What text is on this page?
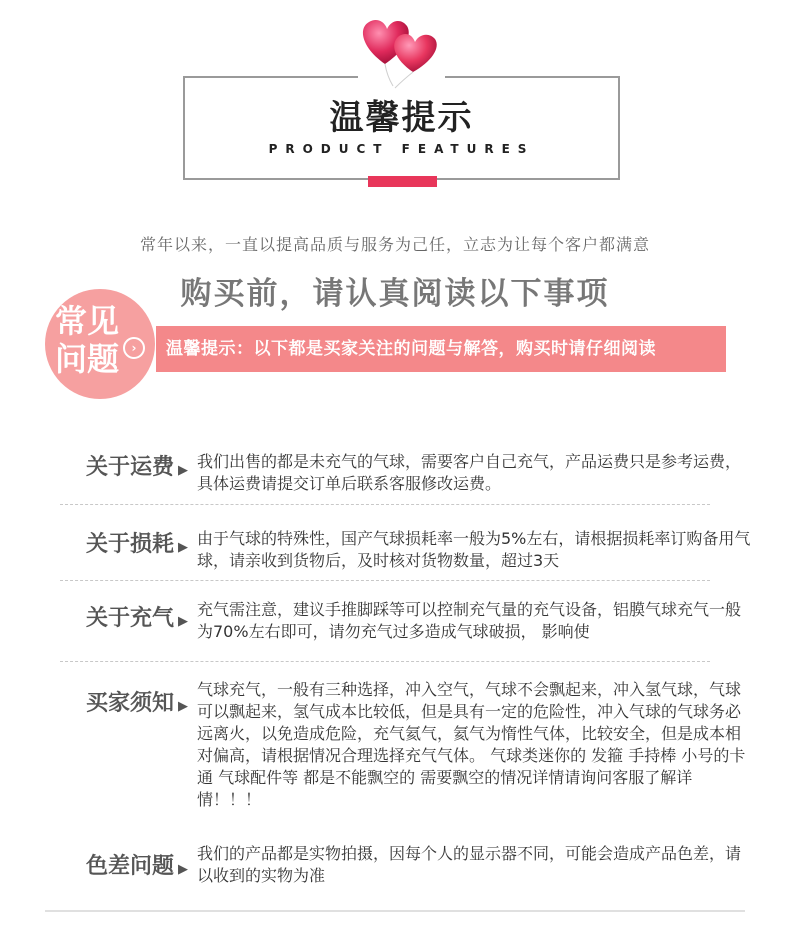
温馨提示
PRODUCT FEATURES
常年以来，一直以提高品质与服务为己任，立志为让每个客户都满意
购买前，请认真阅读以下事项
常见
问题	›	温馨提示：以下都是买家关注的问题与解答，购买时请仔细阅读
关于运费 ▶ 我们出售的都是未充气的气球，需要客户自己充气，产品运费只是参考运费，具体运费请提交订单后联系客服修改运费。
关于损耗 ▶ 由于气球的特殊性，国产气球损耗率一般为5%左右，请根据损耗率订购备用气球，请亲收到货物后，及时核对货物数量，超过3天
关于充气 ▶
充气需注意，建议手推脚踩等可以控制充气量的充气设备，铝膜气球充气一般为70%左右即可，请勿充气过多造成气球破损， 影响使
买家须知 ▶
气球充气，一般有三种选择，冲入空气，气球不会飘起来，冲入氢气球，气球可以飘起来，氢气成本比较低，但是具有一定的危险性，冲入气球的气球务必远离火，以免造成危险，充气氦气，氦气为惰性气体，比较安全，但是成本相对偏高，请根据情况合理选择充气气体。 气球类迷你的 发箍 手持棒 小号的卡通 气球配件等 都是不能飘空的 需要飘空的情况详情请询问客服了解详情！！！
色差问题 ▶
我们的产品都是实物拍摄，因每个人的显示器不同，可能会造成产品色差，请以收到的实物为准
